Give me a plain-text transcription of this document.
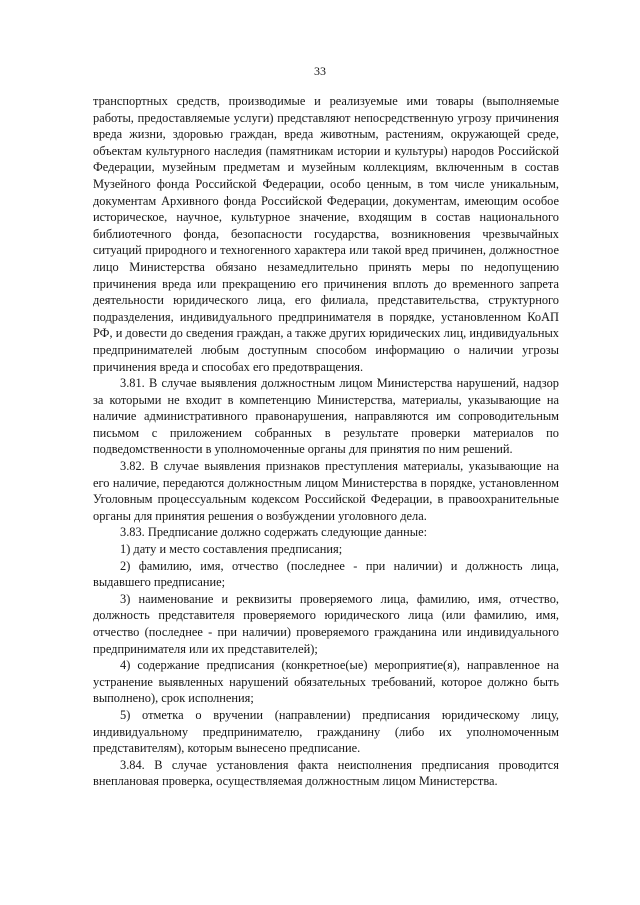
33

транспортных средств, производимые и реализуемые ими товары (выполняемые работы, предоставляемые услуги) представляют непосредственную угрозу причинения вреда жизни, здоровью граждан, вреда животным, растениям, окружающей среде, объектам культурного наследия (памятникам истории и культуры) народов Российской Федерации, музейным предметам и музейным коллекциям, включенным в состав Музейного фонда Российской Федерации, особо ценным, в том числе уникальным, документам Архивного фонда Российской Федерации, документам, имеющим особое историческое, научное, культурное значение, входящим в состав национального библиотечного фонда, безопасности государства, возникновения чрезвычайных ситуаций природного и техногенного характера или такой вред причинен, должностное лицо Министерства обязано незамедлительно принять меры по недопущению причинения вреда или прекращению его причинения вплоть до временного запрета деятельности юридического лица, его филиала, представительства, структурного подразделения, индивидуального предпринимателя в порядке, установленном КоАП РФ, и довести до сведения граждан, а также других юридических лиц, индивидуальных предпринимателей любым доступным способом информацию о наличии угрозы причинения вреда и способах его предотвращения.

3.81. В случае выявления должностным лицом Министерства нарушений, надзор за которыми не входит в компетенцию Министерства, материалы, указывающие на наличие административного правонарушения, направляются им сопроводительным письмом с приложением собранных в результате проверки материалов по подведомственности в уполномоченные органы для принятия по ним решений.

3.82. В случае выявления признаков преступления материалы, указывающие на его наличие, передаются должностным лицом Министерства в порядке, установленном Уголовным процессуальным кодексом Российской Федерации, в правоохранительные органы для принятия решения о возбуждении уголовного дела.

3.83. Предписание должно содержать следующие данные:

1) дату и место составления предписания;

2) фамилию, имя, отчество (последнее - при наличии) и должность лица, выдавшего предписание;

3) наименование и реквизиты проверяемого лица, фамилию, имя, отчество, должность представителя проверяемого юридического лица (или фамилию, имя, отчество (последнее - при наличии) проверяемого гражданина или индивидуального предпринимателя или их представителей);

4) содержание предписания (конкретное(ые) мероприятие(я), направленное на устранение выявленных нарушений обязательных требований, которое должно быть выполнено), срок исполнения;

5) отметка о вручении (направлении) предписания юридическому лицу, индивидуальному предпринимателю, гражданину (либо их уполномоченным представителям), которым вынесено предписание.

3.84. В случае установления факта неисполнения предписания проводится внеплановая проверка, осуществляемая должностным лицом Министерства.
